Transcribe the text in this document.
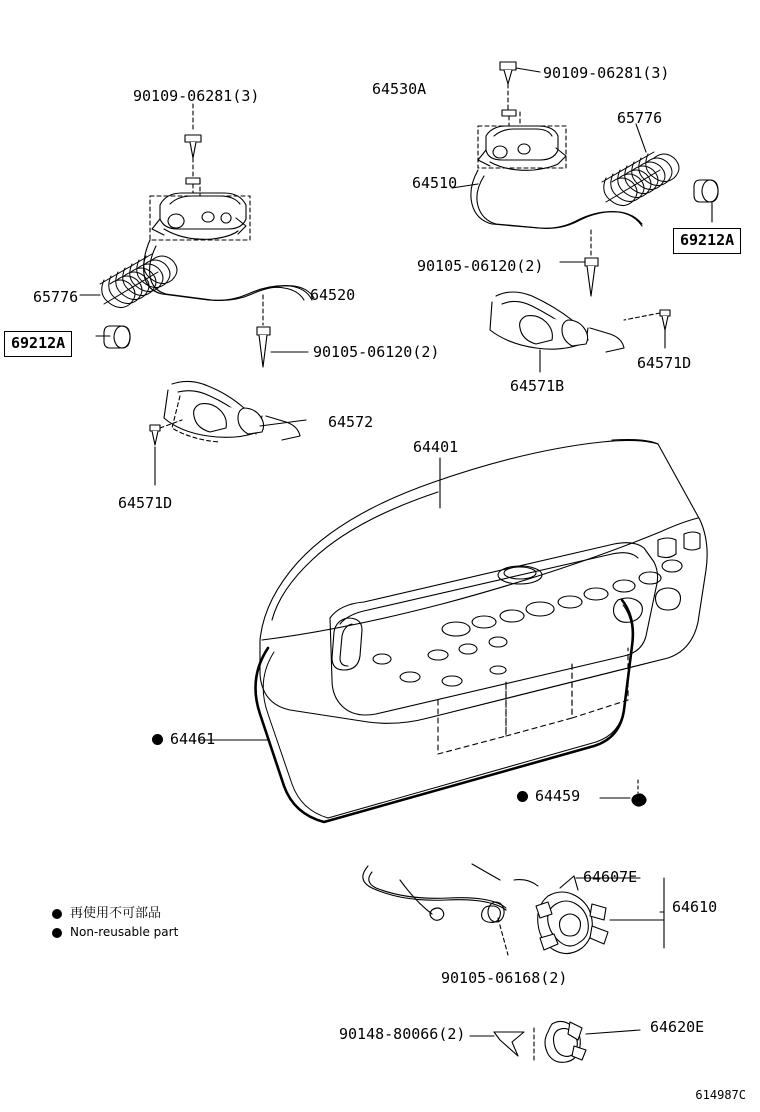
90109-06281(3)	64530A
90109-06281(3)
65776
64510
69212A
65776	64520
90105-06120(2)
69212A	90105-06120(2)
64571D
64571B
64572
64401
64571D
64461
64459
64607E
64610
90105-06168(2)
90148-80066(2)	64620E
再使用不可部品
Non-reusable part
614987C
